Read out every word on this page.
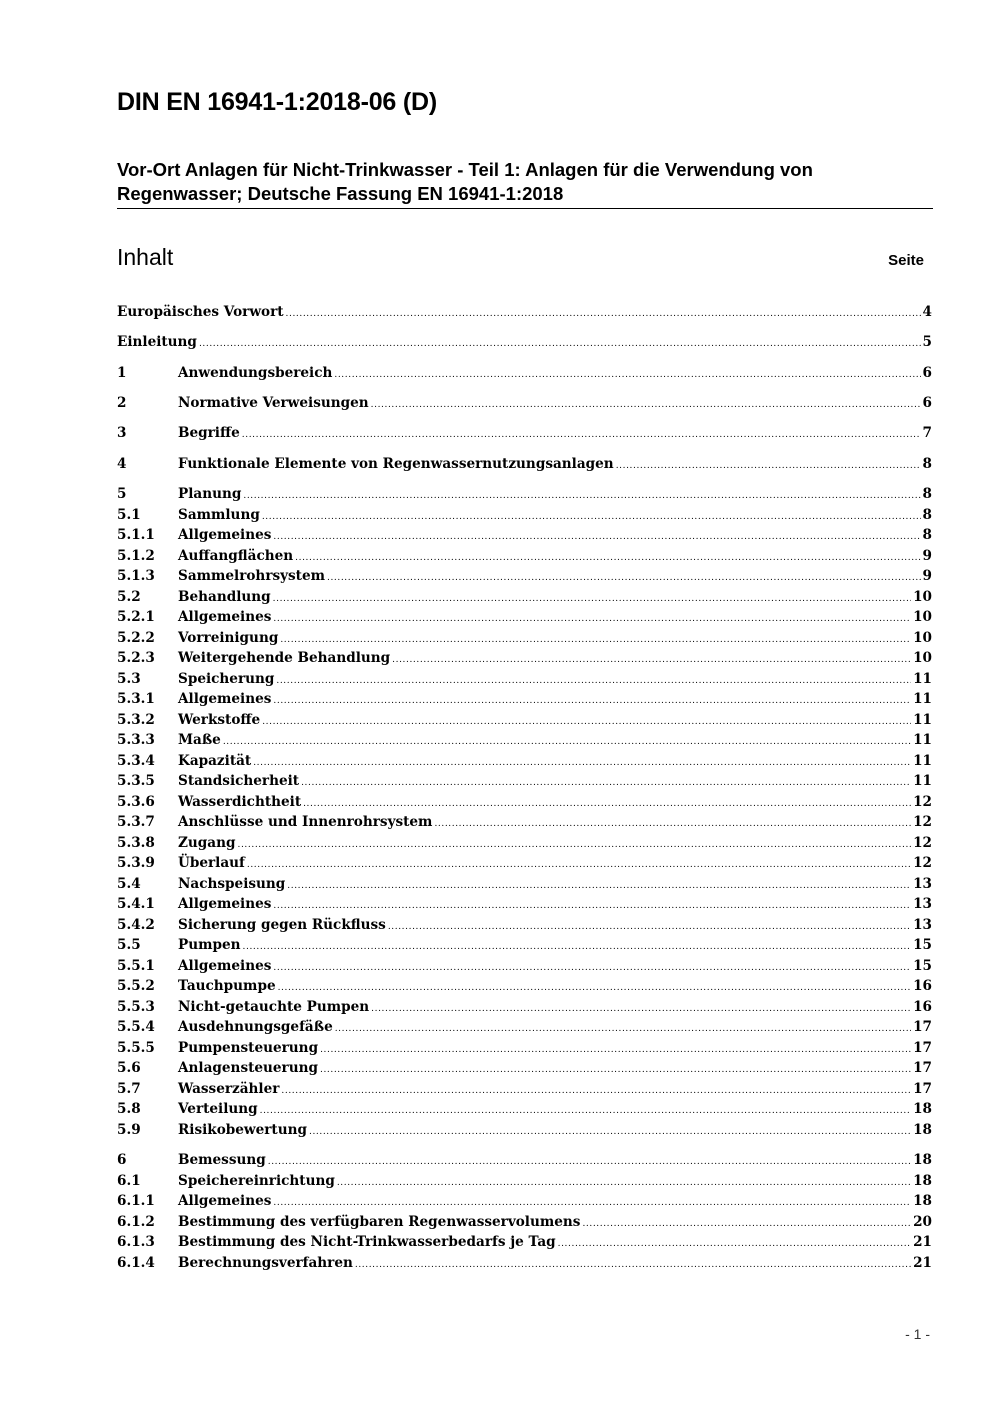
DIN EN 16941-1:2018-06 (D)
Vor-Ort Anlagen für Nicht-Trinkwasser - Teil 1: Anlagen für die Verwendung von Regenwasser; Deutsche Fassung EN 16941-1:2018
Inhalt	Seite
Europäisches Vorwort .....	4
Einleitung .....	5
1	Anwendungsbereich .....	6
2	Normative Verweisungen .....	6
3	Begriffe .....	7
4	Funktionale Elemente von Regenwassernutzungsanlagen .....	8
5	Planung .....	8
5.1	Sammlung .....	8
5.1.1	Allgemeines .....	8
5.1.2	Auffangflächen .....	9
5.1.3	Sammelrohrsystem .....	9
5.2	Behandlung .....	10
5.2.1	Allgemeines .....	10
5.2.2	Vorreinigung .....	10
5.2.3	Weitergehende Behandlung .....	10
5.3	Speicherung .....	11
5.3.1	Allgemeines .....	11
5.3.2	Werkstoffe .....	11
5.3.3	Maße .....	11
5.3.4	Kapazität .....	11
5.3.5	Standsicherheit .....	11
5.3.6	Wasserdichtheit .....	12
5.3.7	Anschlüsse und Innenrohrsystem .....	12
5.3.8	Zugang .....	12
5.3.9	Überlauf .....	12
5.4	Nachspeisung .....	13
5.4.1	Allgemeines .....	13
5.4.2	Sicherung gegen Rückfluss .....	13
5.5	Pumpen .....	15
5.5.1	Allgemeines .....	15
5.5.2	Tauchpumpe .....	16
5.5.3	Nicht-getauchte Pumpen .....	16
5.5.4	Ausdehnungsgefäße .....	17
5.5.5	Pumpensteuerung .....	17
5.6	Anlagensteuerung .....	17
5.7	Wasserzähler .....	17
5.8	Verteilung .....	18
5.9	Risikobewertung .....	18
6	Bemessung .....	18
6.1	Speichereinrichtung .....	18
6.1.1	Allgemeines .....	18
6.1.2	Bestimmung des verfügbaren Regenwasservolumens .....	20
6.1.3	Bestimmung des Nicht-Trinkwasserbedarfs je Tag .....	21
6.1.4	Berechnungsverfahren .....	21
- 1 -
